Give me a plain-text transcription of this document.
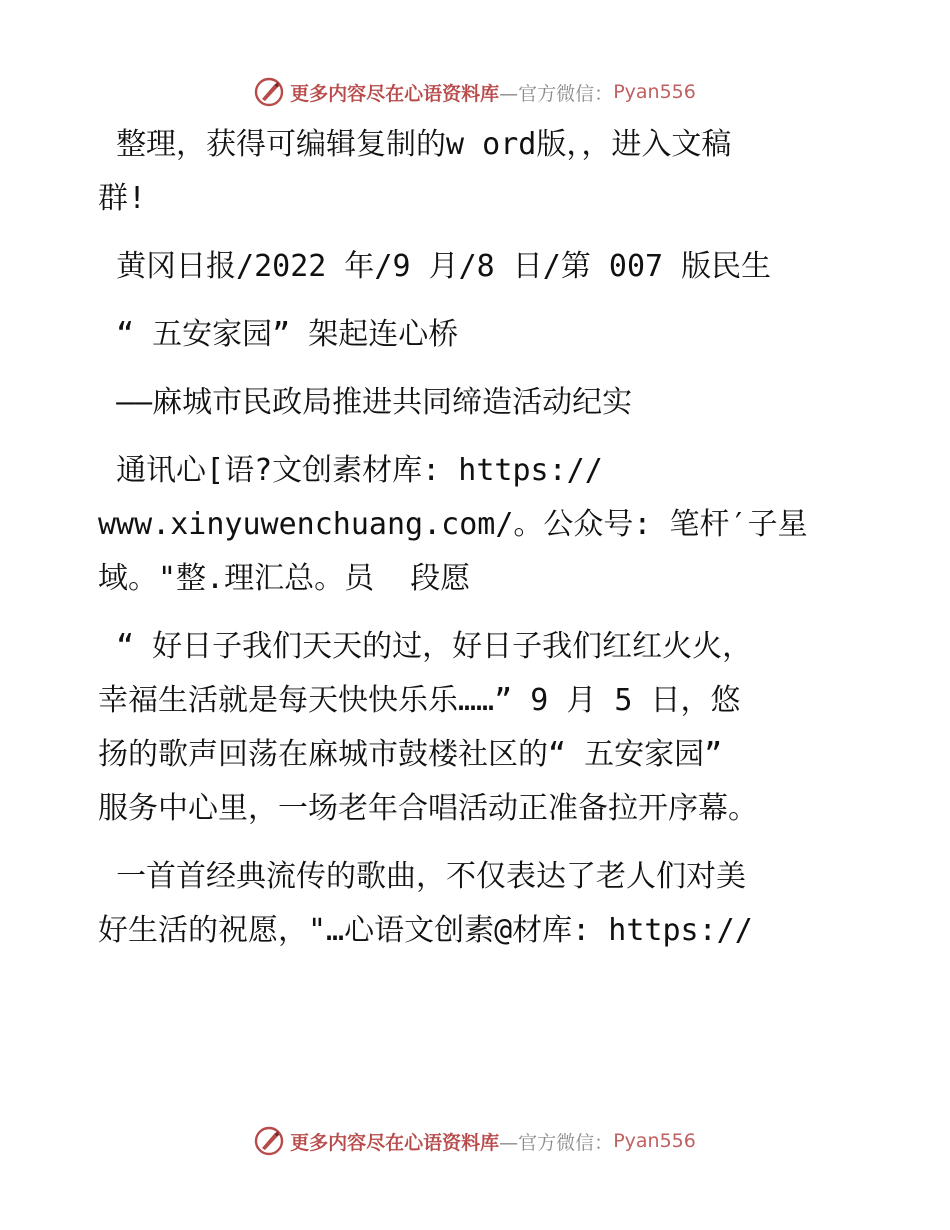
更多内容尽在心语资料库 —官方微信： Pyan556
整理，获得可编辑复制的w ord版，，进入文稿
群!
黄冈日报/2022 年/9 月/8 日/第 007 版民生
“ 五安家园” 架起连心桥
——麻城市民政局推进共同缔造活动纪实
通讯心[语?文创素材库: https://
www.xinyuwenchuang.com/。公众号: 笔杆′子星
域。"整.理汇总。员  段愿
“ 好日子我们天天的过，好日子我们红红火火，
幸福生活就是每天快快乐乐……” 9 月 5 日，悠
扬的歌声回荡在麻城市鼓楼社区的“ 五安家园”
服务中心里，一场老年合唱活动正准备拉开序幕。
一首首经典流传的歌曲，不仅表达了老人们对美
好生活的祝愿，"…心语文创素@材库: https://
更多内容尽在心语资料库 —官方微信： Pyan556
